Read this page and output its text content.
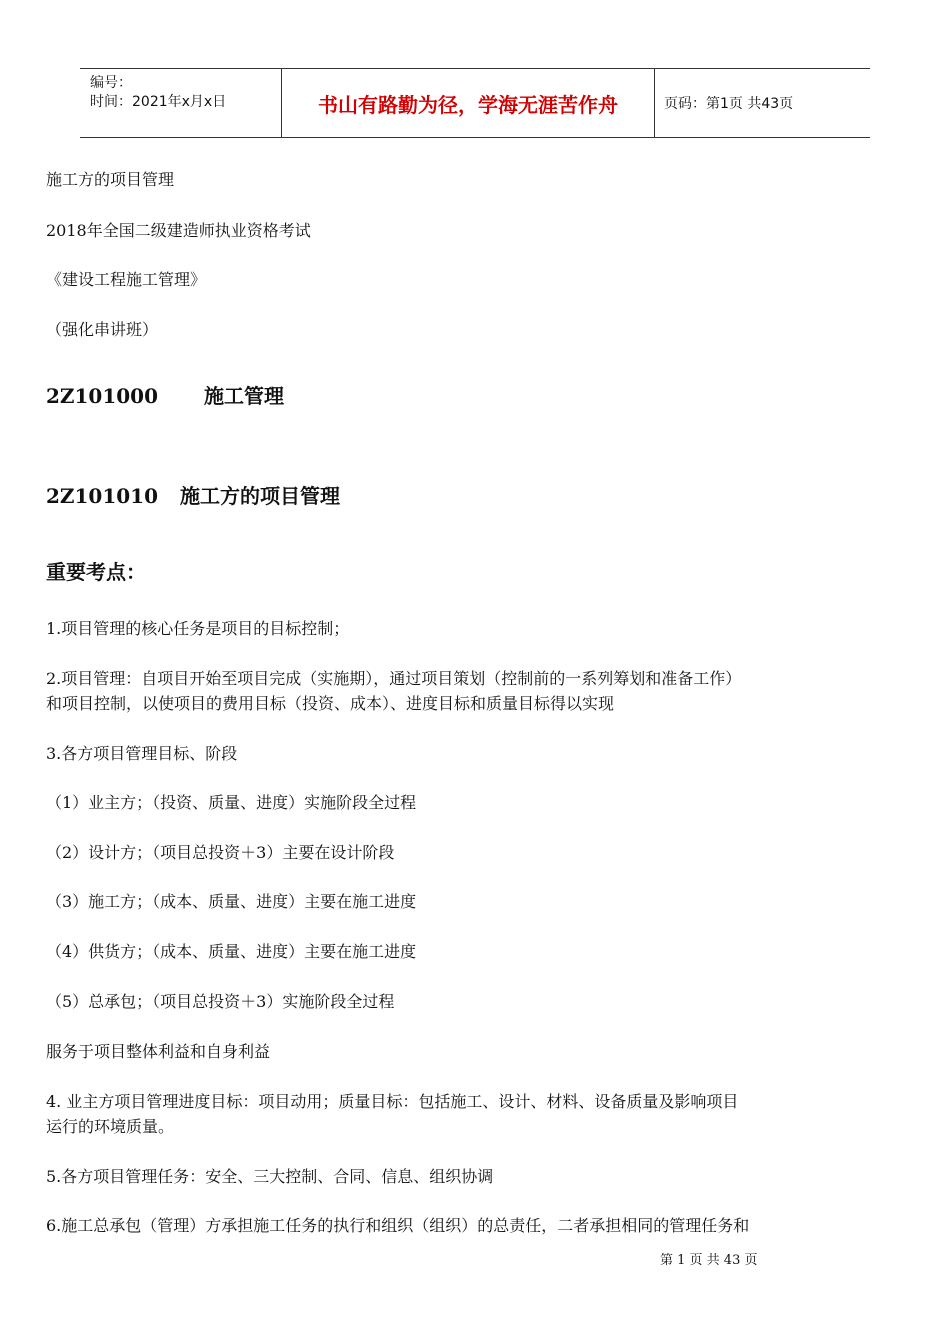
编号：
时间：2021年x月x日	书山有路勤为径，学海无涯苦作舟	页码：第1页 共43页
施工方的项目管理
2018年全国二级建造师执业资格考试
《建设工程施工管理》
（强化串讲班）
2Z101000 施工管理
2Z101010 施工方的项目管理
重要考点：
1.项目管理的核心任务是项目的目标控制；
2.项目管理：自项目开始至项目完成（实施期），通过项目策划（控制前的一系列筹划和准备工作）
和项目控制，以使项目的费用目标（投资、成本）、进度目标和质量目标得以实现
3.各方项目管理目标、阶段
（1）业主方；（投资、质量、进度）实施阶段全过程
（2）设计方；（项目总投资＋3）主要在设计阶段
（3）施工方；（成本、质量、进度）主要在施工进度
（4）供货方；（成本、质量、进度）主要在施工进度
（5）总承包；（项目总投资＋3）实施阶段全过程
服务于项目整体利益和自身利益
4. 业主方项目管理进度目标：项目动用；质量目标：包括施工、设计、材料、设备质量及影响项目
运行的环境质量。
5.各方项目管理任务：安全、三大控制、合同、信息、组织协调
6.施工总承包（管理）方承担施工任务的执行和组织（组织）的总责任，二者承担相同的管理任务和
第 1 页 共 43 页
